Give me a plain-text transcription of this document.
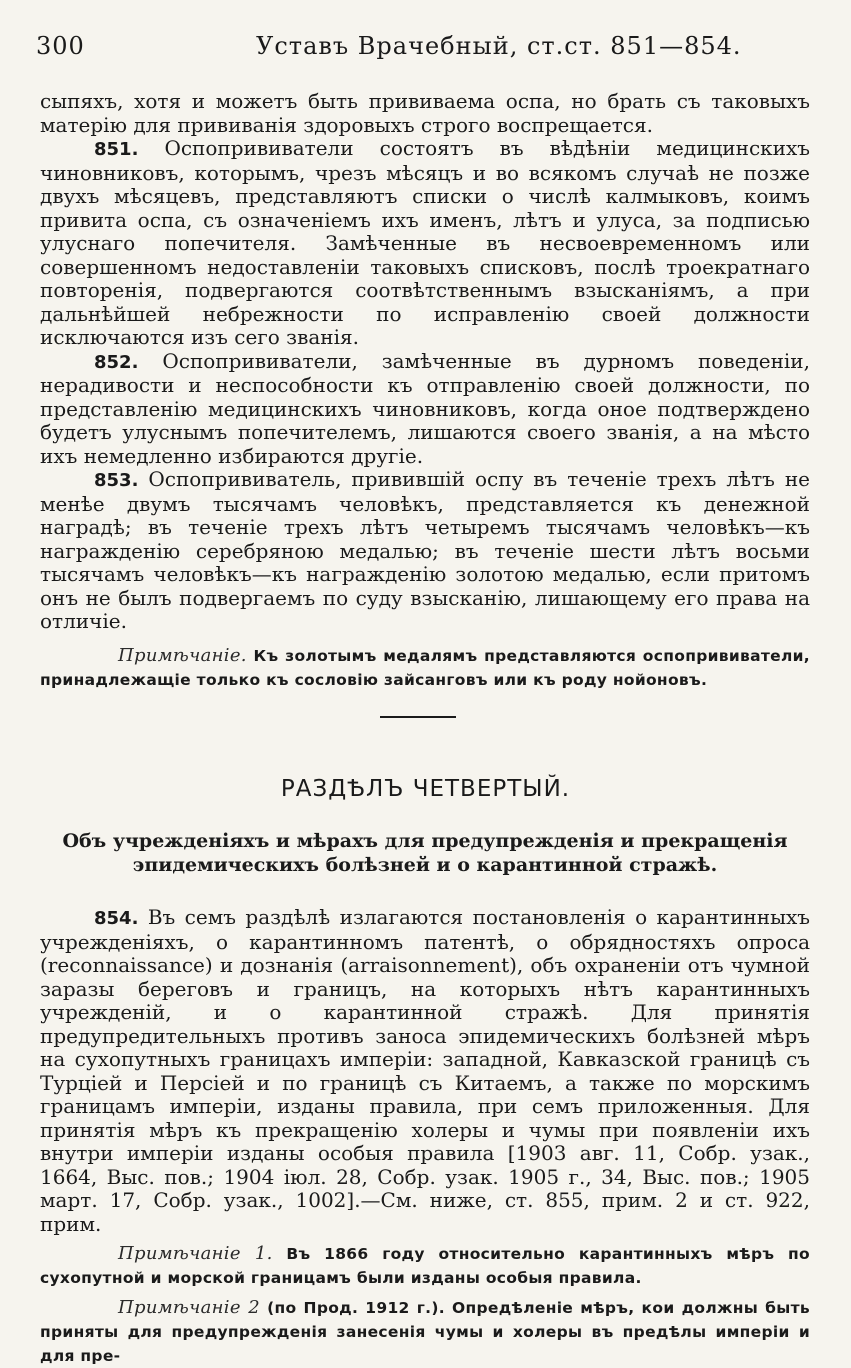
300	Уставъ Врачебный, ст.ст. 851—854.

сыпяхъ, хотя и можетъ быть прививаема оспа, но брать съ таковыхъ матерію для прививанія здоровыхъ строго воспрещается.

851. Оспопрививатели состоятъ въ вѣдѣніи медицинскихъ чиновниковъ, которымъ, чрезъ мѣсяцъ и во всякомъ случаѣ не позже двухъ мѣсяцевъ, представляютъ списки о числѣ калмыковъ, коимъ привита оспа, съ означеніемъ ихъ именъ, лѣтъ и улуса, за подписью улуснаго попечителя. Замѣченные въ несвоевременномъ или совершенномъ недоставленіи таковыхъ списковъ, послѣ троекратнаго повторенія, подвергаются соотвѣтственнымъ взысканіямъ, а при дальнѣйшей небрежности по исправленію своей должности исключаются изъ сего званія.

852. Оспопрививатели, замѣченные въ дурномъ поведеніи, нерадивости и неспособности къ отправленію своей должности, по представленію медицинскихъ чиновниковъ, когда оное подтверждено будетъ улуснымъ попечителемъ, лишаются своего званія, а на мѣсто ихъ немедленно избираются другіе.

853. Оспопрививатель, привившій оспу въ теченіе трехъ лѣтъ не менѣе двумъ тысячамъ человѣкъ, представляется къ денежной наградѣ; въ теченіе трехъ лѣтъ четыремъ тысячамъ человѣкъ—къ награжденію серебряною медалью; въ теченіе шести лѣтъ восьми тысячамъ человѣкъ—къ награжденію золотою медалью, если притомъ онъ не былъ подвергаемъ по суду взысканію, лишающему его права на отличіе.

Примѣчаніе. Къ золотымъ медалямъ представляются оспопрививатели, принадлежащіе только къ сословію зайсанговъ или къ роду нойоновъ.

РАЗДѢЛЪ ЧЕТВЕРТЫЙ.
Объ учрежденіяхъ и мѣрахъ для предупрежденія и прекращенія эпидемическихъ болѣзней и о карантинной стражѣ.

854. Въ семъ раздѣлѣ излагаются постановленія о карантинныхъ учрежденіяхъ, о карантинномъ патентѣ, о обрядностяхъ опроса (reconnaissance) и дознанія (arraisonnement), объ охраненіи отъ чумной заразы береговъ и границъ, на которыхъ нѣтъ карантинныхъ учрежденій, и о карантинной стражѣ. Для принятія предупредительныхъ противъ заноса эпидемическихъ болѣзней мѣръ на сухопутныхъ границахъ имперіи: западной, Кавказской границѣ съ Турціей и Персіей и по границѣ съ Китаемъ, а также по морскимъ границамъ имперіи, изданы правила, при семъ приложенныя. Для принятія мѣръ къ прекращенію холеры и чумы при появленіи ихъ внутри имперіи изданы особыя правила [1903 авг. 11, Собр. узак., 1664, Выс. пов.; 1904 іюл. 28, Собр. узак. 1905 г., 34, Выс. пов.; 1905 март. 17, Собр. узак., 1002].—См. ниже, ст. 855, прим. 2 и ст. 922, прим.

Примѣчаніе 1. Въ 1866 году относительно карантинныхъ мѣръ по сухопутной и морской границамъ были изданы особыя правила.

Примѣчаніе 2 (по Прод. 1912 г.). Опредѣленіе мѣръ, кои должны быть приняты для предупрежденія занесенія чумы и холеры въ предѣлы имперіи и для пре-
